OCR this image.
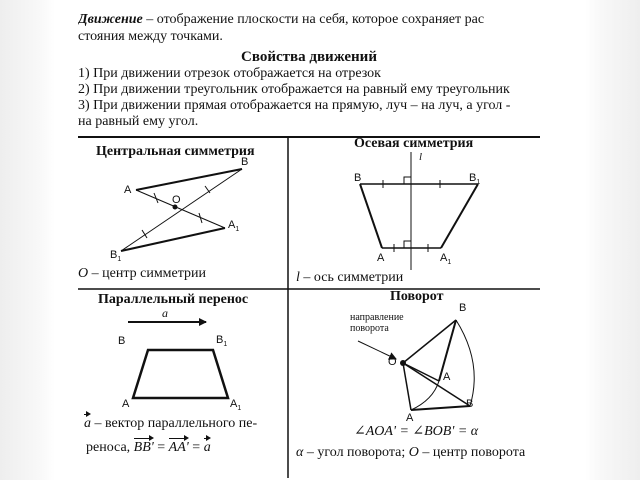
Движение – отображение плоскости на себя, которое сохраняет рас
стояния между точками.
Свойства движений
1) При движении отрезок отображается на отрезок
2) При движении треугольник отображается на равный ему треугольник
3) При движении прямая отображается на прямую, луч – на луч, а угол -
на равный ему угол.
Центральная симметрия
B
A
O
$A_1$
$B_1$
O – центр симметрии
Осевая симметрия
l
B	$B_1$
A	$A_1$
l – ось симметрии
Параллельный перенос
a
B	$B_1$
A	$A_1$
a – вектор параллельного пе-
реноса, BB' = AA' = a
Поворот
направление поворота
B
O
A
A
B
∠AOA' = ∠BOB' = α
α – угол поворота; O – центр поворота
